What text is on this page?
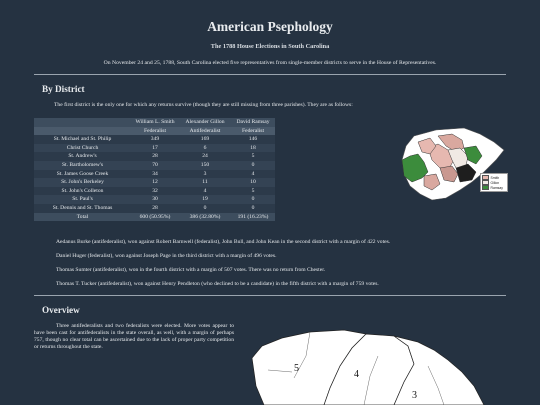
American Psephology
The 1788 House Elections in South Carolina
On November 24 and 25, 1788, South Carolina elected five representatives from single-member districts to serve in the House of Representatives.
By District
The first district is the only one for which any returns survive (though they are still missing from three parishes). They are as follows:
	William L. Smith	Alexander Gillon	David Ramsay
	Federalist	Antifederalist	Federalist
St. Michael and St. Philip	349	169	146
Christ Church	17	6	18
St. Andrew's	28	24	5
St. Bartholomew's	70	150	0
St. James Goose Creek	34	3	4
St. John's Berkeley	12	11	10
St. John's Colleton	32	4	5
St. Paul's	30	19	0
St. Dennis and St. Thomas	28	0	0
Total	600 (50.95%)	386 (32.80%)	191 (16.23%)
Smith
Gillon
Ramsay
Aedanus Burke (antifederalist), won against Robert Barnwell (federalist), John Bull, and John Kean in the second district with a margin of 422 votes.
Daniel Huger (federalist), won against Joseph Page in the third district with a margin of 496 votes.
Thomas Sumter (antifederalist), won in the fourth district with a margin of 507 votes. There was no return from Chester.
Thomas T. Tucker (antifederalist), won against Henry Pendleton (who declined to be a candidate) in the fifth district with a margin of 759 votes.
Overview
Three antifederalists and two federalists were elected. More votes appear to have been cast for antifederalists in the state overall, as well, with a margin of perhaps 757, though no clear total can be ascertained due to the lack of proper party competition or returns throughout the state.
5
4
3
